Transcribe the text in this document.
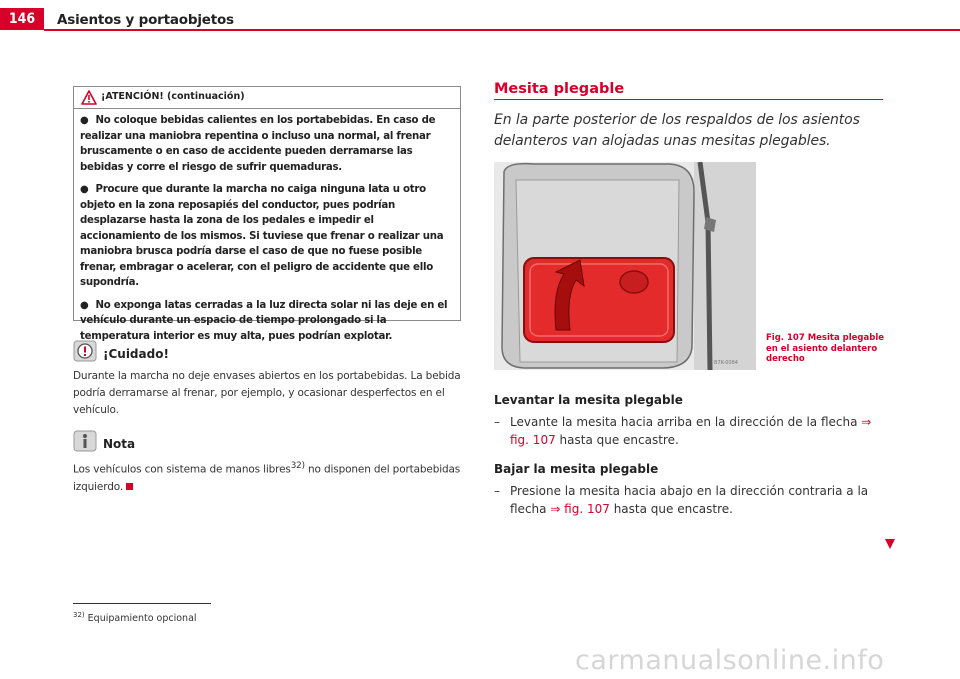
146	Asientos y portaobjetos
¡ATENCIÓN! (continuación)
● No coloque bebidas calientes en los portabebidas. En caso de realizar una maniobra repentina o incluso una normal, al frenar bruscamente o en caso de accidente pueden derramarse las bebidas y corre el riesgo de sufrir quemaduras.
● Procure que durante la marcha no caiga ninguna lata u otro objeto en la zona reposapiés del conductor, pues podrían desplazarse hasta la zona de los pedales e impedir el accionamiento de los mismos. Si tuviese que frenar o realizar una maniobra brusca podría darse el caso de que no fuese posible frenar, embragar o acelerar, con el peligro de accidente que ello supondría.
● No exponga latas cerradas a la luz directa solar ni las deje en el vehículo durante un espacio de tiempo prolongado si la temperatura interior es muy alta, pues podrían explotar.
¡Cuidado!
Durante la marcha no deje envases abiertos en los portabebidas. La bebida podría derramarse al frenar, por ejemplo, y ocasionar desperfectos en el vehículo.
Nota
Los vehículos con sistema de manos libres$^{32)}$ no disponen del portabebidas izquierdo.
$^{32)}$ Equipamiento opcional
Mesita plegable
En la parte posterior de los respaldos de los asientos delanteros van alojadas unas mesitas plegables.
B7K-0084
Fig. 107 Mesita plegable en el asiento delantero derecho
Levantar la mesita plegable
– Levante la mesita hacia arriba en la dirección de la flecha ⇒ fig. 107 hasta que encastre.
Bajar la mesita plegable
– Presione la mesita hacia abajo en la dirección contraria a la flecha ⇒ fig. 107 hasta que encastre.
carmanualsonline.info
